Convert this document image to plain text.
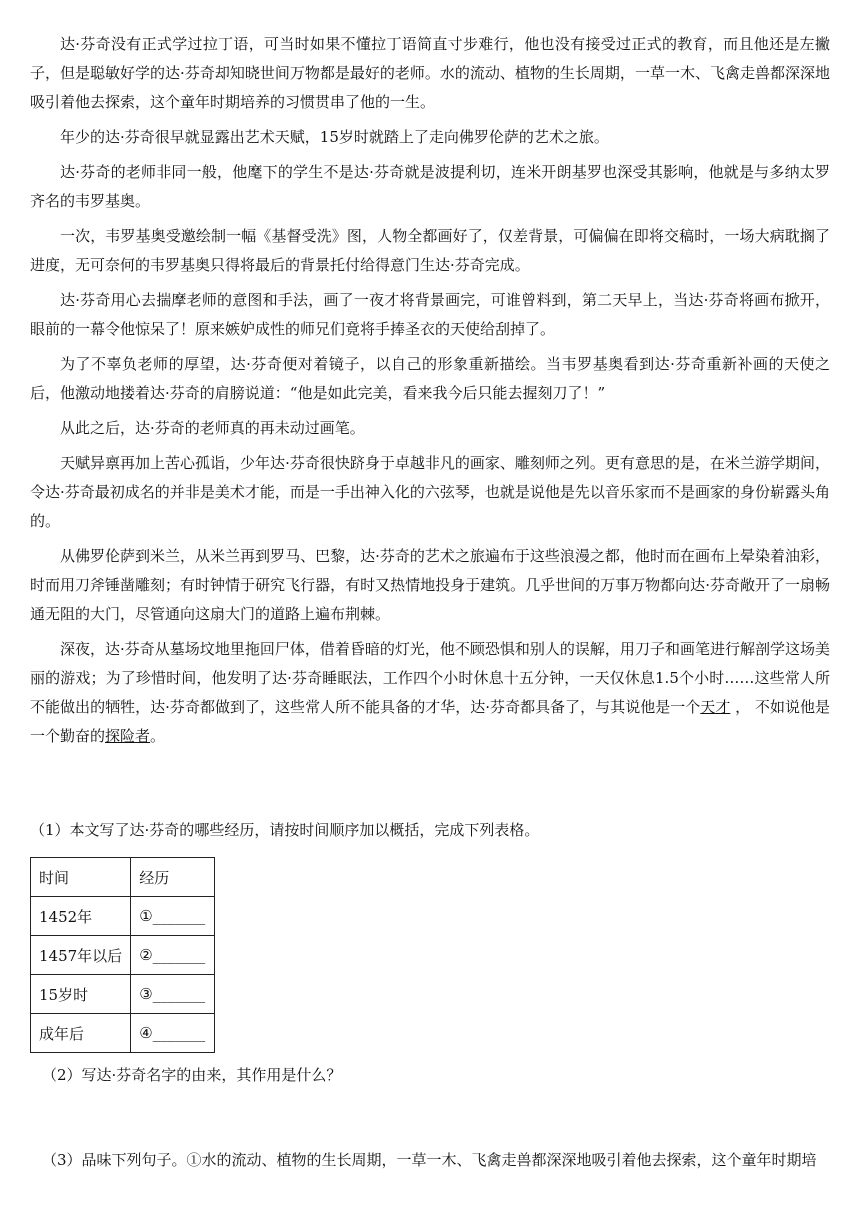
达·芬奇没有正式学过拉丁语，可当时如果不懂拉丁语简直寸步难行，他也没有接受过正式的教育，而且他还是左撇子，但是聪敏好学的达·芬奇却知晓世间万物都是最好的老师。水的流动、植物的生长周期，一草一木、飞禽走兽都深深地吸引着他去探索，这个童年时期培养的习惯贯串了他的一生。

年少的达·芬奇很早就显露出艺术天赋，15岁时就踏上了走向佛罗伦萨的艺术之旅。

达·芬奇的老师非同一般，他麾下的学生不是达·芬奇就是波提利切，连米开朗基罗也深受其影响，他就是与多纳太罗齐名的韦罗基奥。

一次，韦罗基奥受邀绘制一幅《基督受洗》图，人物全都画好了，仅差背景，可偏偏在即将交稿时，一场大病耽搁了进度，无可奈何的韦罗基奥只得将最后的背景托付给得意门生达·芬奇完成。

达·芬奇用心去揣摩老师的意图和手法，画了一夜才将背景画完，可谁曾料到，第二天早上，当达·芬奇将画布掀开，眼前的一幕令他惊呆了！原来嫉妒成性的师兄们竟将手捧圣衣的天使给刮掉了。

为了不辜负老师的厚望，达·芬奇便对着镜子，以自己的形象重新描绘。当韦罗基奥看到达·芬奇重新补画的天使之后，他激动地搂着达·芬奇的肩膀说道：“他是如此完美，看来我今后只能去握刻刀了！”

从此之后，达·芬奇的老师真的再未动过画笔。

天赋异禀再加上苦心孤诣，少年达·芬奇很快跻身于卓越非凡的画家、雕刻师之列。更有意思的是，在米兰游学期间，令达·芬奇最初成名的并非是美术才能，而是一手出神入化的六弦琴，也就是说他是先以音乐家而不是画家的身份崭露头角的。

从佛罗伦萨到米兰，从米兰再到罗马、巴黎，达·芬奇的艺术之旅遍布于这些浪漫之都，他时而在画布上晕染着油彩，时而用刀斧锤凿雕刻；有时钟情于研究飞行器，有时又热情地投身于建筑。几乎世间的万事万物都向达·芬奇敞开了一扇畅通无阻的大门，尽管通向这扇大门的道路上遍布荆棘。

深夜，达·芬奇从墓场坟地里拖回尸体，借着昏暗的灯光，他不顾恐惧和别人的误解，用刀子和画笔进行解剖学这场美丽的游戏；为了珍惜时间，他发明了达·芬奇睡眠法，工作四个小时休息十五分钟，一天仅休息1.5个小时……这些常人所不能做出的牺牲，达·芬奇都做到了，这些常人所不能具备的才华，达·芬奇都具备了，与其说他是一个天才 ， 不如说他是一个勤奋的探险者。

（1）本文写了达·芬奇的哪些经历，请按时间顺序加以概括，完成下列表格。

时间	经历
1452年	①_______
1457年以后	②_______
15岁时	③_______
成年后	④_______

（2）写达·芬奇名字的由来，其作用是什么？

（3）品味下列句子。①水的流动、植物的生长周期，一草一木、飞禽走兽都深深地吸引着他去探索，这个童年时期培
